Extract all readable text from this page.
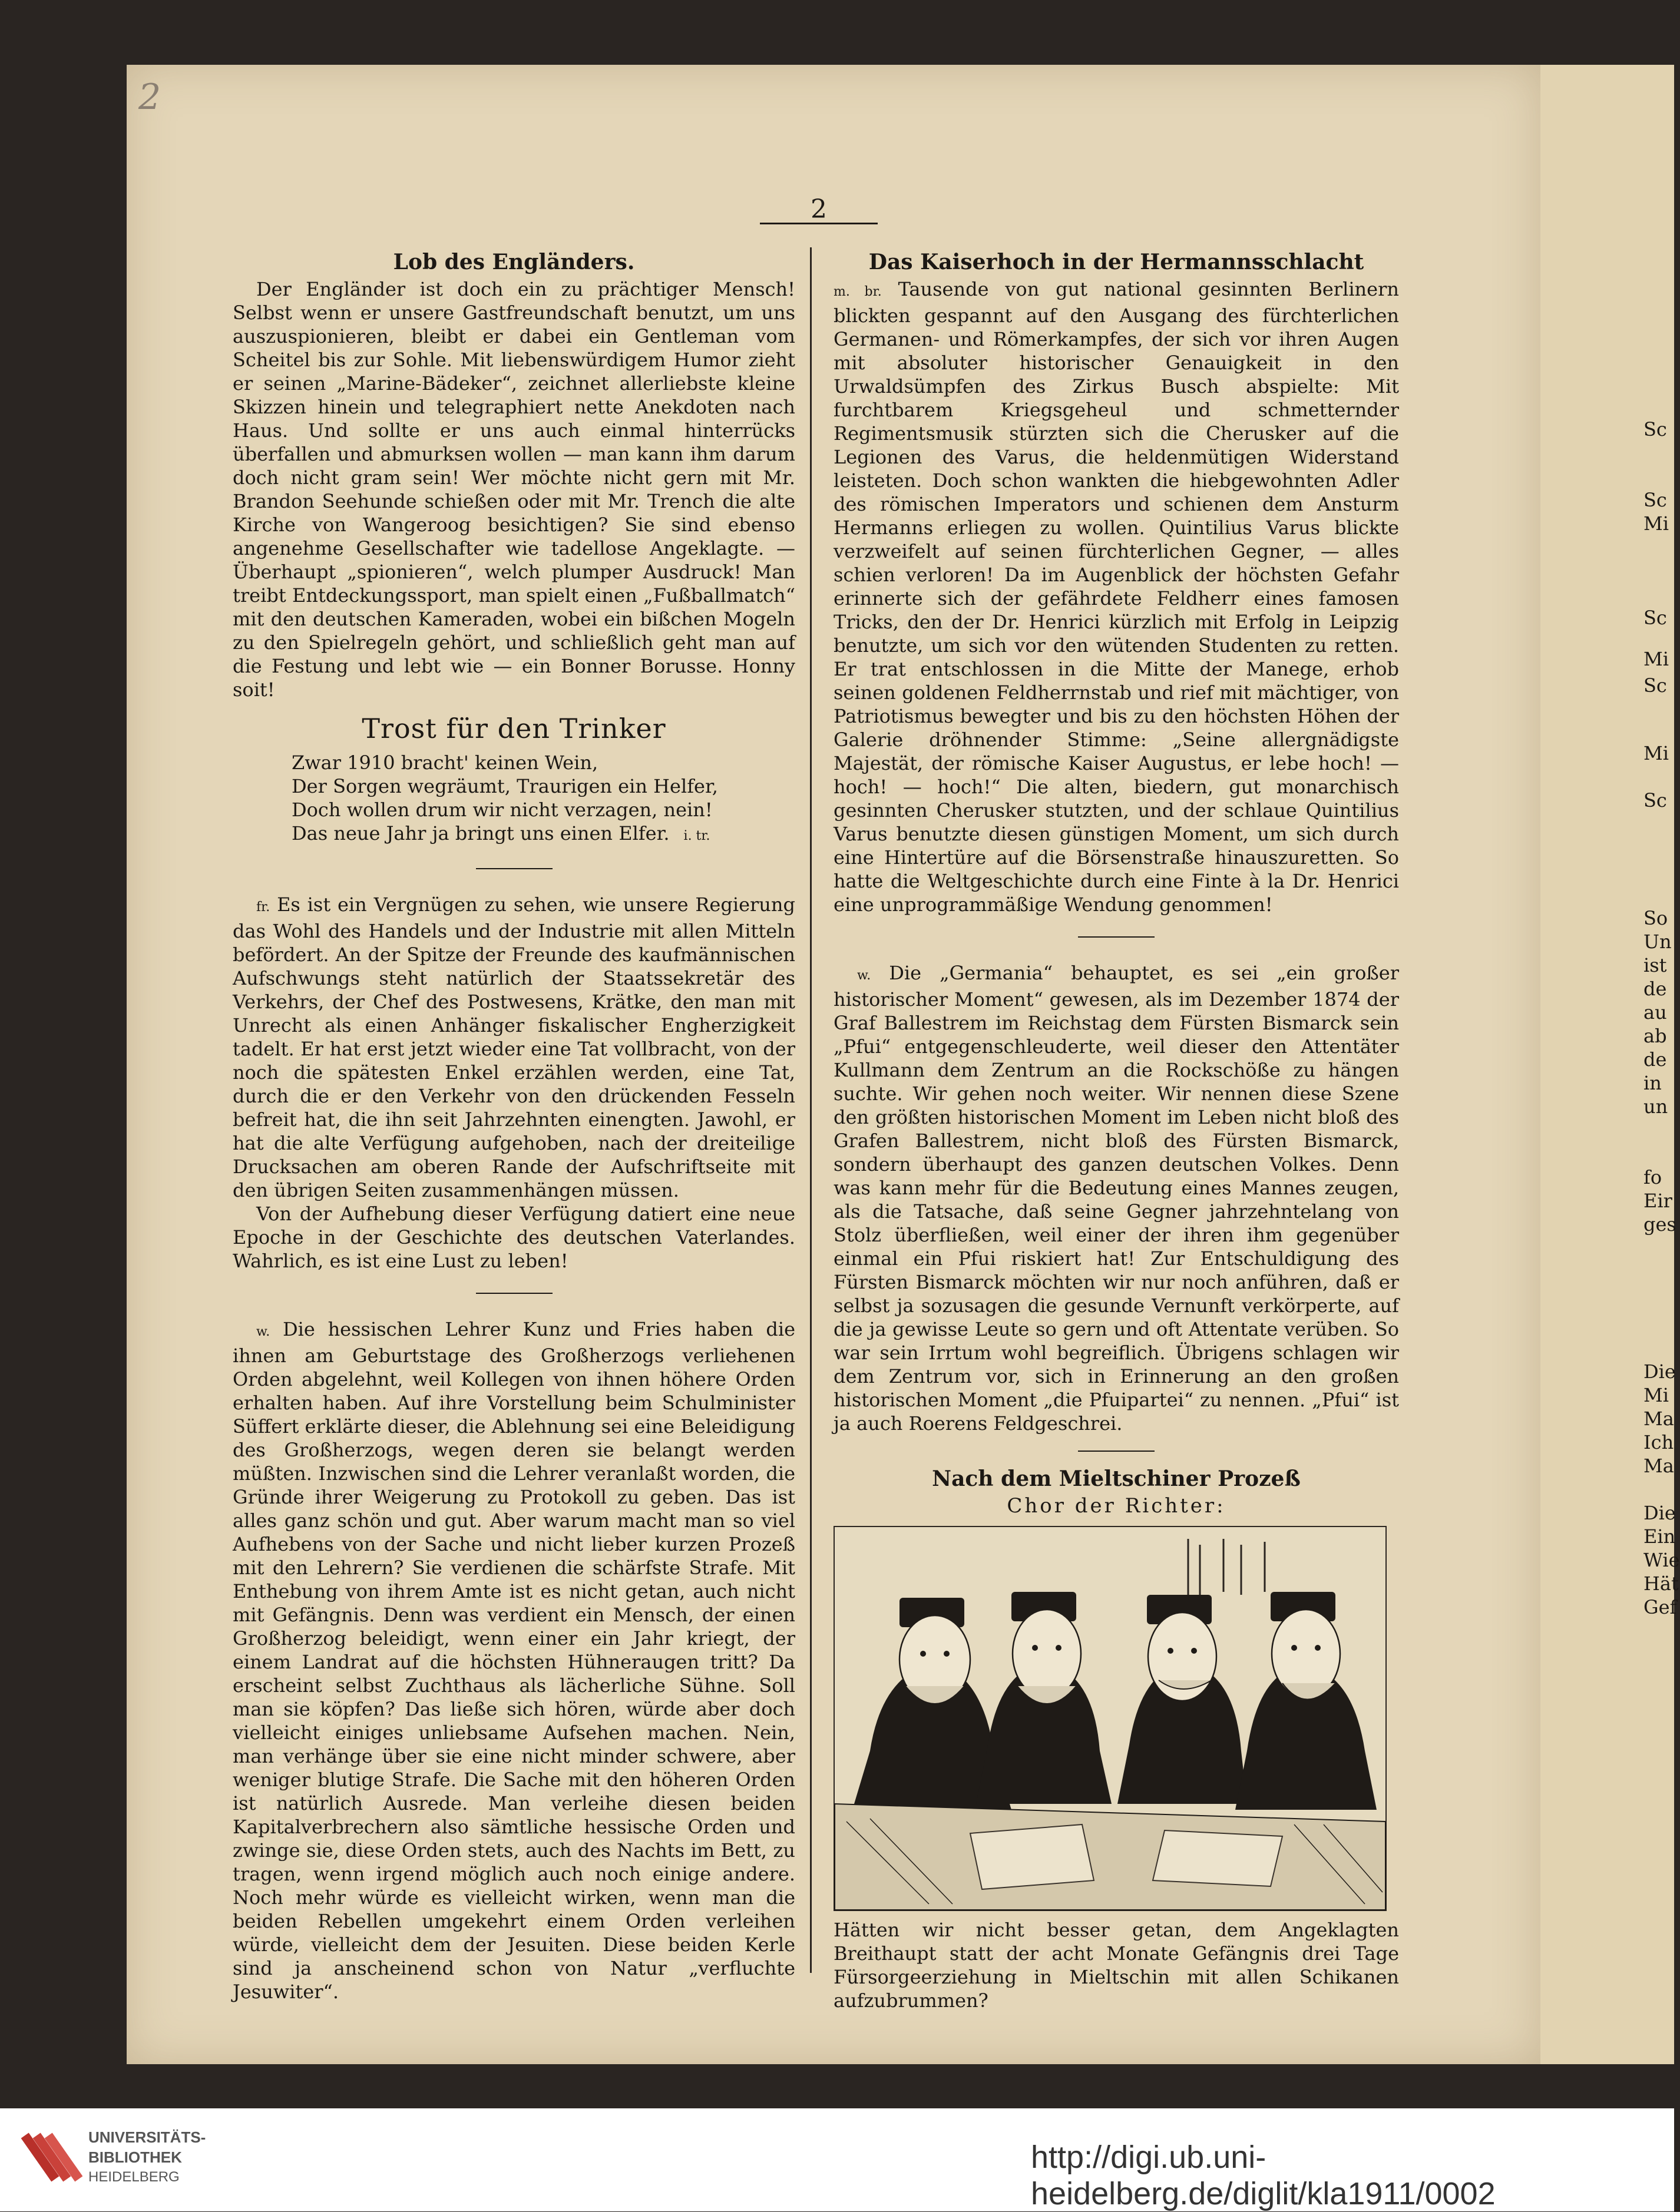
2
2
Lob des Engländers.

Der Engländer ist doch ein zu prächtiger Mensch! Selbst wenn er unsere Gastfreundschaft benutzt, um uns auszuspionieren, bleibt er dabei ein Gentleman vom Scheitel bis zur Sohle. Mit liebenswürdigem Humor zieht er seinen „Marine-Bädeker“, zeichnet allerliebste kleine Skizzen hinein und telegraphiert nette Anekdoten nach Haus. Und sollte er uns auch einmal hinterrücks überfallen und abmurksen wollen — man kann ihm darum doch nicht gram sein! Wer möchte nicht gern mit Mr. Brandon Seehunde schießen oder mit Mr. Trench die alte Kirche von Wangeroog besichtigen? Sie sind ebenso angenehme Gesellschafter wie tadellose Angeklagte. — Überhaupt „spionieren“, welch plumper Ausdruck! Man treibt Entdeckungssport, man spielt einen „Fußballmatch“ mit den deutschen Kameraden, wobei ein bißchen Mogeln zu den Spielregeln gehört, und schließlich geht man auf die Festung und lebt wie — ein Bonner Borusse. Honny soit!

Trost für den Trinker
Zwar 1910 bracht' keinen Wein,
Der Sorgen wegräumt, Traurigen ein Helfer,
Doch wollen drum wir nicht verzagen, nein!
Das neue Jahr ja bringt uns einen Elfer. i. tr.

fr. Es ist ein Vergnügen zu sehen, wie unsere Regierung das Wohl des Handels und der Industrie mit allen Mitteln befördert. An der Spitze der Freunde des kaufmännischen Aufschwungs steht natürlich der Staatssekretär des Verkehrs, der Chef des Postwesens, Krätke, den man mit Unrecht als einen Anhänger fiskalischer Engherzigkeit tadelt. Er hat erst jetzt wieder eine Tat vollbracht, von der noch die spätesten Enkel erzählen werden, eine Tat, durch die er den Verkehr von den drückenden Fesseln befreit hat, die ihn seit Jahrzehnten einengten. Jawohl, er hat die alte Verfügung aufgehoben, nach der dreiteilige Drucksachen am oberen Rande der Aufschriftseite mit den übrigen Seiten zusammenhängen müssen.

Von der Aufhebung dieser Verfügung datiert eine neue Epoche in der Geschichte des deutschen Vaterlandes. Wahrlich, es ist eine Lust zu leben!

w. Die hessischen Lehrer Kunz und Fries haben die ihnen am Geburtstage des Großherzogs verliehenen Orden abgelehnt, weil Kollegen von ihnen höhere Orden erhalten haben. Auf ihre Vorstellung beim Schulminister Süffert erklärte dieser, die Ablehnung sei eine Beleidigung des Großherzogs, wegen deren sie belangt werden müßten. Inzwischen sind die Lehrer veranlaßt worden, die Gründe ihrer Weigerung zu Protokoll zu geben. Das ist alles ganz schön und gut. Aber warum macht man so viel Aufhebens von der Sache und nicht lieber kurzen Prozeß mit den Lehrern? Sie verdienen die schärfste Strafe. Mit Enthebung von ihrem Amte ist es nicht getan, auch nicht mit Gefängnis. Denn was verdient ein Mensch, der einen Großherzog beleidigt, wenn einer ein Jahr kriegt, der einem Landrat auf die höchsten Hühneraugen tritt? Da erscheint selbst Zuchthaus als lächerliche Sühne. Soll man sie köpfen? Das ließe sich hören, würde aber doch vielleicht einiges unliebsame Aufsehen machen. Nein, man verhänge über sie eine nicht minder schwere, aber weniger blutige Strafe. Die Sache mit den höheren Orden ist natürlich Ausrede. Man verleihe diesen beiden Kapitalverbrechern also sämtliche hessische Orden und zwinge sie, diese Orden stets, auch des Nachts im Bett, zu tragen, wenn irgend möglich auch noch einige andere. Noch mehr würde es vielleicht wirken, wenn man die beiden Rebellen umgekehrt einem Orden verleihen würde, vielleicht dem der Jesuiten. Diese beiden Kerle sind ja anscheinend schon von Natur „verfluchte Jesuwiter“.

Das Kaiserhoch in der Hermannsschlacht

m. br. Tausende von gut national gesinnten Berlinern blickten gespannt auf den Ausgang des fürchterlichen Germanen- und Römerkampfes, der sich vor ihren Augen mit absoluter historischer Genauigkeit in den Urwaldsümpfen des Zirkus Busch abspielte: Mit furchtbarem Kriegsgeheul und schmetternder Regimentsmusik stürzten sich die Cherusker auf die Legionen des Varus, die heldenmütigen Widerstand leisteten. Doch schon wankten die hiebgewohnten Adler des römischen Imperators und schienen dem Ansturm Hermanns erliegen zu wollen. Quintilius Varus blickte verzweifelt auf seinen fürchterlichen Gegner, — alles schien verloren! Da im Augenblick der höchsten Gefahr erinnerte sich der gefährdete Feldherr eines famosen Tricks, den der Dr. Henrici kürzlich mit Erfolg in Leipzig benutzte, um sich vor den wütenden Studenten zu retten. Er trat entschlossen in die Mitte der Manege, erhob seinen goldenen Feldherrnstab und rief mit mächtiger, von Patriotismus bewegter und bis zu den höchsten Höhen der Galerie dröhnender Stimme: „Seine allergnädigste Majestät, der römische Kaiser Augustus, er lebe hoch! — hoch! — hoch!“ Die alten, biedern, gut monarchisch gesinnten Cherusker stutzten, und der schlaue Quintilius Varus benutzte diesen günstigen Moment, um sich durch eine Hintertüre auf die Börsenstraße hinauszuretten. So hatte die Weltgeschichte durch eine Finte à la Dr. Henrici eine unprogrammäßige Wendung genommen!

w. Die „Germania“ behauptet, es sei „ein großer historischer Moment“ gewesen, als im Dezember 1874 der Graf Ballestrem im Reichstag dem Fürsten Bismarck sein „Pfui“ entgegenschleuderte, weil dieser den Attentäter Kullmann dem Zentrum an die Rockschöße zu hängen suchte. Wir gehen noch weiter. Wir nennen diese Szene den größten historischen Moment im Leben nicht bloß des Grafen Ballestrem, nicht bloß des Fürsten Bismarck, sondern überhaupt des ganzen deutschen Volkes. Denn was kann mehr für die Bedeutung eines Mannes zeugen, als die Tatsache, daß seine Gegner jahrzehntelang von Stolz überfließen, weil einer der ihren ihm gegenüber einmal ein Pfui riskiert hat! Zur Entschuldigung des Fürsten Bismarck möchten wir nur noch anführen, daß er selbst ja sozusagen die gesunde Vernunft verkörperte, auf die ja gewisse Leute so gern und oft Attentate verüben. So war sein Irrtum wohl begreiflich. Übrigens schlagen wir dem Zentrum vor, sich in Erinnerung an den großen historischen Moment „die Pfuipartei“ zu nennen. „Pfui“ ist ja auch Roerens Feldgeschrei.

Nach dem Mieltschiner Prozeß
Chor der Richter:

Hätten wir nicht besser getan, dem Angeklagten Breithaupt statt der acht Monate Gefängnis drei Tage Fürsorgeerziehung in Mieltschin mit allen Schikanen aufzubrummen?

Sc
Sc
Mi
Sc
Mi
Sc
Mi
Sc
So
Un
ist
de
au
ab
de
in
un
fo
Eir
ges
Die
Mi
Ma
Ich
Ma
Die
Ein
Wie
Hät
Gef
UNIVERSITÄTS-
BIBLIOTHEK
HEIDELBERG
http://digi.ub.uni-heidelberg.de/diglit/kla1911/0002
